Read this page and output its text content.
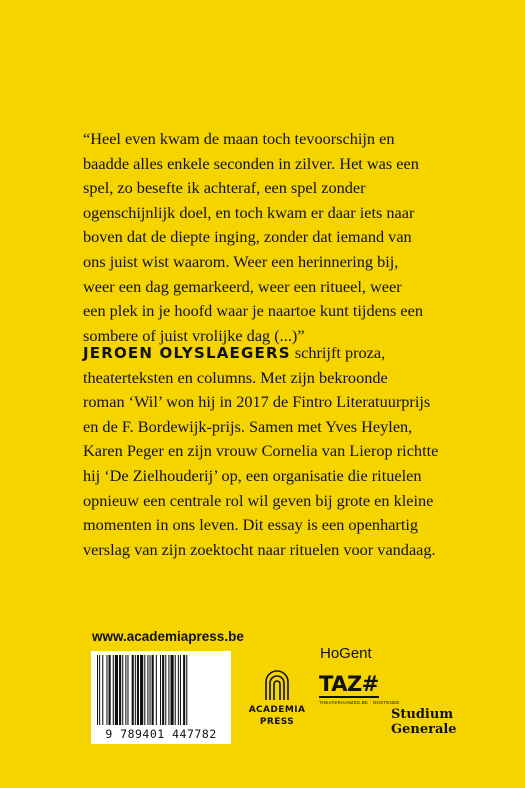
“Heel even kwam de maan toch tevoorschijn en
baadde alles enkele seconden in zilver. Het was een
spel, zo besefte ik achteraf, een spel zonder
ogenschijnlijk doel, en toch kwam er daar iets naar
boven dat de diepte inging, zonder dat iemand van
ons juist wist waarom. Weer een herinnering bij,
weer een dag gemarkeerd, weer een ritueel, weer
een plek in je hoofd waar je naartoe kunt tijdens een
sombere of juist vrolijke dag (...)”
JEROEN OLYSLAEGERS schrijft proza,
theaterteksten en columns. Met zijn bekroonde
roman ‘Wil’ won hij in 2017 de Fintro Literatuurprijs
en de F. Bordewijk-prijs. Samen met Yves Heylen,
Karen Peger en zijn vrouw Cornelia van Lierop richtte
hij ‘De Zielhouderij’ op, een organisatie die rituelen
opnieuw een centrale rol wil geven bij grote en kleine
momenten in ons leven. Dit essay is een openhartig
verslag van zijn zoektocht naar rituelen voor vandaag.
www.academiapress.be
9 789401 447782
ACADEMIA
PRESS
HoGent
TAZ#
THEATERAANZEE.BE · OOSTENDE
Studium
Generale
